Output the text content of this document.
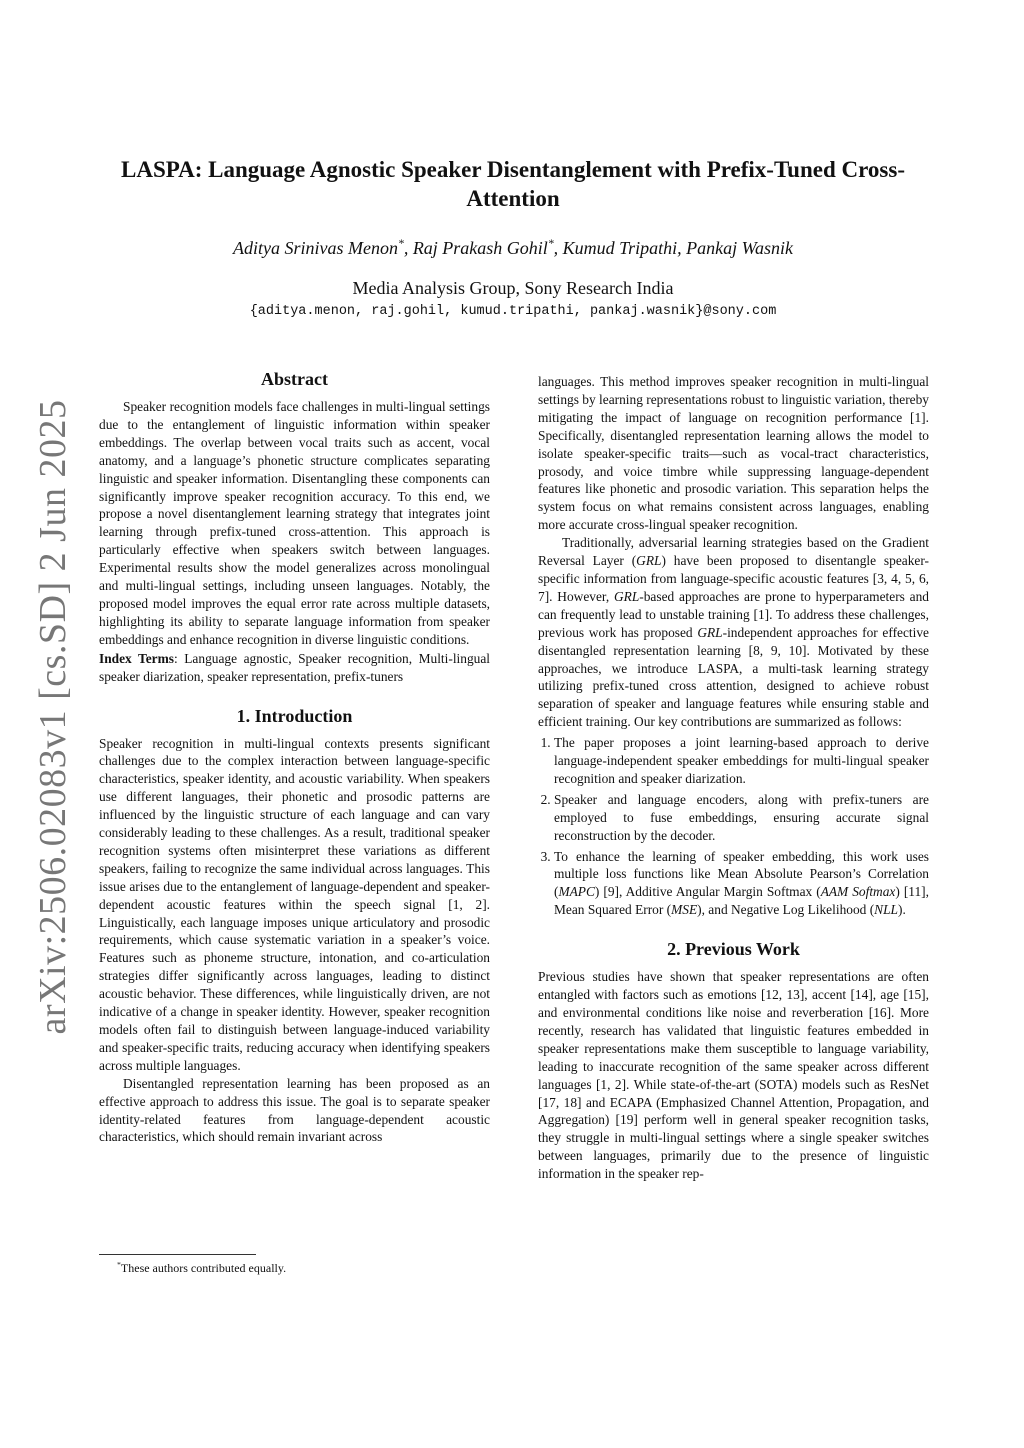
arXiv:2506.02083v1 [cs.SD] 2 Jun 2025
LASPA: Language Agnostic Speaker Disentanglement with Prefix-Tuned Cross-Attention
Aditya Srinivas Menon*, Raj Prakash Gohil*, Kumud Tripathi, Pankaj Wasnik
Media Analysis Group, Sony Research India
{aditya.menon, raj.gohil, kumud.tripathi, pankaj.wasnik}@sony.com
Abstract

Speaker recognition models face challenges in multi-lingual settings due to the entanglement of linguistic information within speaker embeddings. The overlap between vocal traits such as accent, vocal anatomy, and a language’s phonetic structure complicates separating linguistic and speaker information. Disentangling these components can significantly improve speaker recognition accuracy. To this end, we propose a novel disentanglement learning strategy that integrates joint learning through prefix-tuned cross-attention. This approach is particularly effective when speakers switch between languages. Experimental results show the model generalizes across monolingual and multi-lingual settings, including unseen languages. Notably, the proposed model improves the equal error rate across multiple datasets, highlighting its ability to separate language information from speaker embeddings and enhance recognition in diverse linguistic conditions.

Index Terms: Language agnostic, Speaker recognition, Multi-lingual speaker diarization, speaker representation, prefix-tuners

1. Introduction

Speaker recognition in multi-lingual contexts presents significant challenges due to the complex interaction between language-specific characteristics, speaker identity, and acoustic variability. When speakers use different languages, their phonetic and prosodic patterns are influenced by the linguistic structure of each language and can vary considerably leading to these challenges. As a result, traditional speaker recognition systems often misinterpret these variations as different speakers, failing to recognize the same individual across languages. This issue arises due to the entanglement of language-dependent and speaker-dependent acoustic features within the speech signal [1, 2]. Linguistically, each language imposes unique articulatory and prosodic requirements, which cause systematic variation in a speaker’s voice. Features such as phoneme structure, intonation, and co-articulation strategies differ significantly across languages, leading to distinct acoustic behavior. These differences, while linguistically driven, are not indicative of a change in speaker identity. However, speaker recognition models often fail to distinguish between language-induced variability and speaker-specific traits, reducing accuracy when identifying speakers across multiple languages.

Disentangled representation learning has been proposed as an effective approach to address this issue. The goal is to separate speaker identity-related features from language-dependent acoustic characteristics, which should remain invariant across

languages. This method improves speaker recognition in multi-lingual settings by learning representations robust to linguistic variation, thereby mitigating the impact of language on recognition performance [1]. Specifically, disentangled representation learning allows the model to isolate speaker-specific traits—such as vocal-tract characteristics, prosody, and voice timbre while suppressing language-dependent features like phonetic and prosodic variation. This separation helps the system focus on what remains consistent across languages, enabling more accurate cross-lingual speaker recognition.

Traditionally, adversarial learning strategies based on the Gradient Reversal Layer (GRL) have been proposed to disentangle speaker-specific information from language-specific acoustic features [3, 4, 5, 6, 7]. However, GRL-based approaches are prone to hyperparameters and can frequently lead to unstable training [1]. To address these challenges, previous work has proposed GRL-independent approaches for effective disentangled representation learning [8, 9, 10]. Motivated by these approaches, we introduce LASPA, a multi-task learning strategy utilizing prefix-tuned cross attention, designed to achieve robust separation of speaker and language features while ensuring stable and efficient training. Our key contributions are summarized as follows:

1. The paper proposes a joint learning-based approach to derive language-independent speaker embeddings for multi-lingual speaker recognition and speaker diarization.
2. Speaker and language encoders, along with prefix-tuners are employed to fuse embeddings, ensuring accurate signal reconstruction by the decoder.
3. To enhance the learning of speaker embedding, this work uses multiple loss functions like Mean Absolute Pearson’s Correlation (MAPC) [9], Additive Angular Margin Softmax (AAM Softmax) [11], Mean Squared Error (MSE), and Negative Log Likelihood (NLL).
2. Previous Work

Previous studies have shown that speaker representations are often entangled with factors such as emotions [12, 13], accent [14], age [15], and environmental conditions like noise and reverberation [16]. More recently, research has validated that linguistic features embedded in speaker representations make them susceptible to language variability, leading to inaccurate recognition of the same speaker across different languages [1, 2]. While state-of-the-art (SOTA) models such as ResNet [17, 18] and ECAPA (Emphasized Channel Attention, Propagation, and Aggregation) [19] perform well in general speaker recognition tasks, they struggle in multi-lingual settings where a single speaker switches between languages, primarily due to the presence of linguistic information in the speaker rep-

*These authors contributed equally.
